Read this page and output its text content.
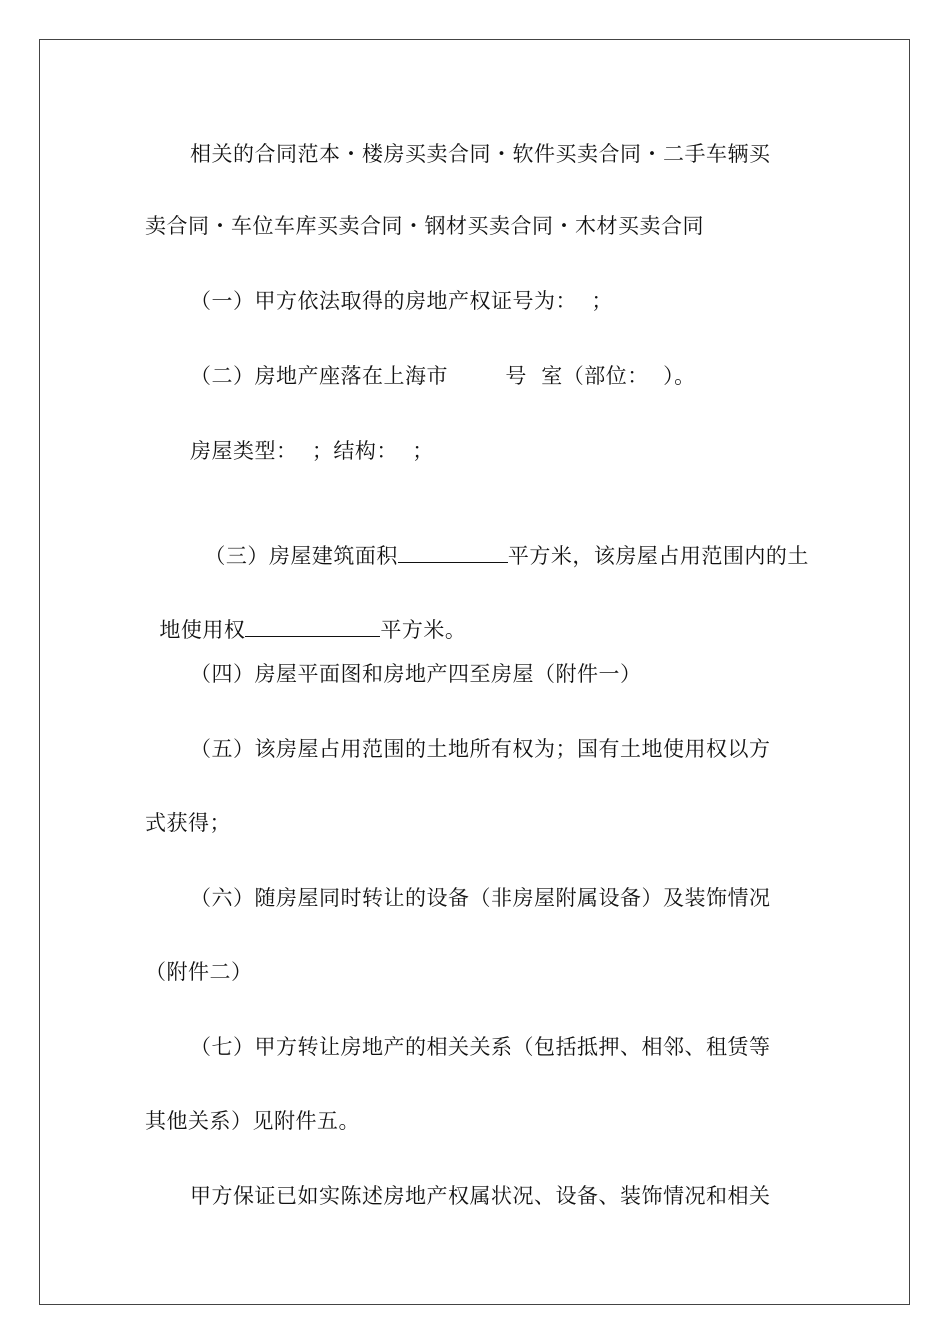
相关的合同范本・楼房买卖合同・软件买卖合同・二手车辆买
卖合同・车位车库买卖合同・钢材买卖合同・木材买卖合同
（一）甲方依法取得的房地产权证号为：  ；
（二）房地产座落在上海市        号  室（部位：  ）。
房屋类型：  ；结构：  ；

（三）房屋建筑面积	平方米，该房屋占用范围内的土

地使用权	平方米。

（四）房屋平面图和房地产四至房屋（附件一）
（五）该房屋占用范围的土地所有权为；国有土地使用权以方
式获得；
（六）随房屋同时转让的设备（非房屋附属设备）及装饰情况
（附件二）
（七）甲方转让房地产的相关关系（包括抵押、相邻、租赁等
其他关系）见附件五。
甲方保证已如实陈述房地产权属状况、设备、装饰情况和相关
